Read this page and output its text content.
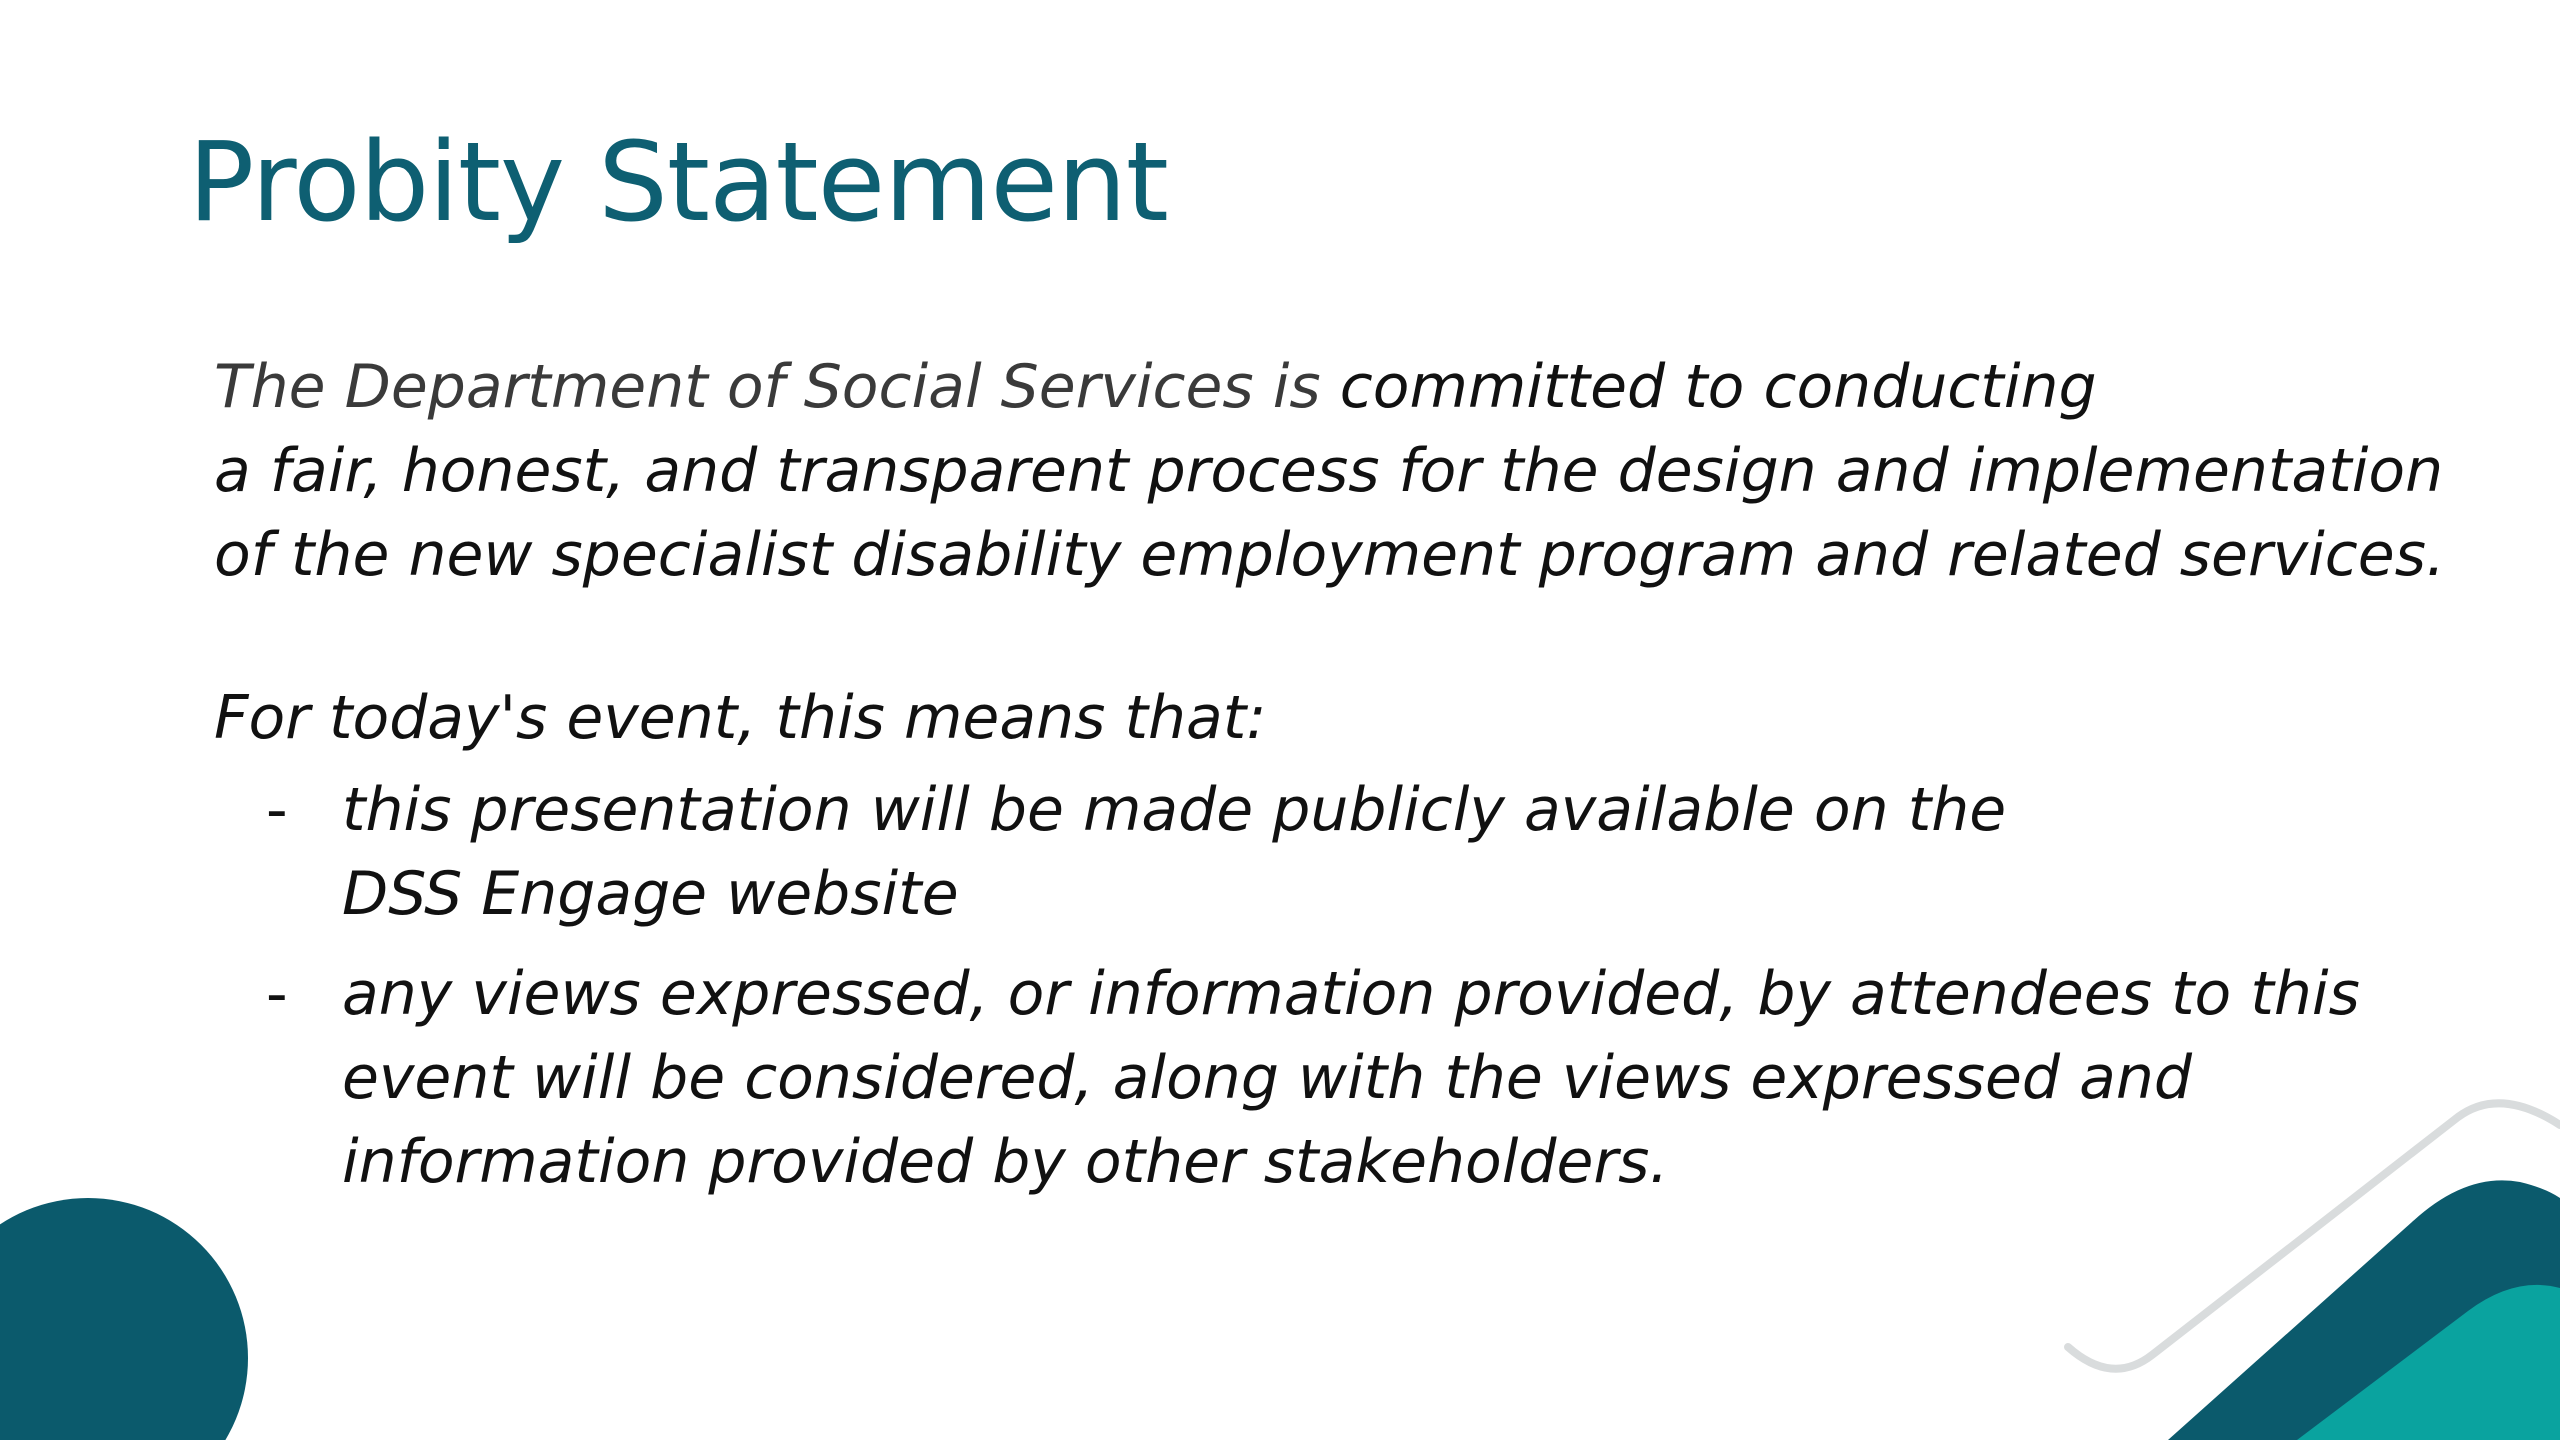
Probity Statement
The Department of Social Services is committed to conducting
a fair, honest, and transparent process for the design and implementation
of the new specialist disability employment program and related services.
For today's event, this means that:
- this presentation will be made publicly available on the
DSS Engage website
- any views expressed, or information provided, by attendees to this
event will be considered, along with the views expressed and
information provided by other stakeholders.
